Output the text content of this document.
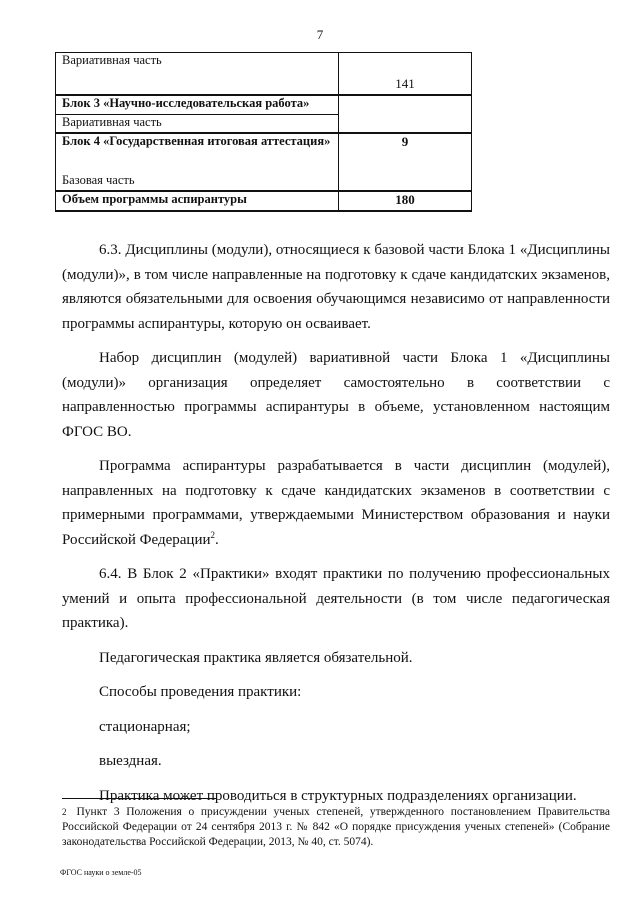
7
Вариативная часть	141
Блок 3 «Научно-исследовательская работа»	
Вариативная часть	
Блок 4 «Государственная итоговая аттестация»	9
Базовая часть	
Объем программы аспирантуры	180

6.3. Дисциплины (модули), относящиеся к базовой части Блока 1 «Дисциплины (модули)», в том числе направленные на подготовку к сдаче кандидатских экзаменов, являются обязательными для освоения обучающимся независимо от направленности программы аспирантуры, которую он осваивает.

Набор дисциплин (модулей) вариативной части Блока 1 «Дисциплины (модули)» организация определяет самостоятельно в соответствии с направленностью программы аспирантуры в объеме, установленном настоящим ФГОС ВО.

Программа аспирантуры разрабатывается в части дисциплин (модулей), направленных на подготовку к сдаче кандидатских экзаменов в соответствии с примерными программами, утверждаемыми Министерством образования и науки Российской Федерации$^2$.

6.4. В Блок 2 «Практики» входят практики по получению профессиональных умений и опыта профессиональной деятельности (в том числе педагогическая практика).

Педагогическая практика является обязательной.

Способы проведения практики:

стационарная;

выездная.

Практика может проводиться в структурных подразделениях организации.

$^2$ Пункт 3 Положения о присуждении ученых степеней, утвержденного постановлением Правительства Российской Федерации от 24 сентября 2013 г. № 842 «О порядке присуждения ученых степеней» (Собрание законодательства Российской Федерации, 2013, № 40, ст. 5074).
ФГОС науки о земле-05
